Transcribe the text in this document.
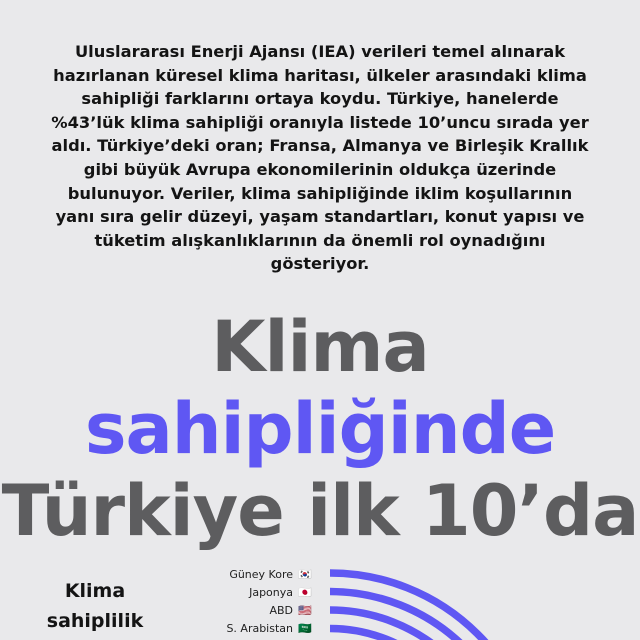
Uluslararası Enerji Ajansı (IEA) verileri temel alınarak hazırlanan küresel klima haritası, ülkeler arasındaki klima sahipliği farklarını ortaya koydu. Türkiye, hanelerde %43’lük klima sahipliği oranıyla listede 10’uncu sırada yer aldı. Türkiye’deki oran; Fransa, Almanya ve Birleşik Krallık gibi büyük Avrupa ekonomilerinin oldukça üzerinde bulunuyor. Veriler, klima sahipliğinde iklim koşullarının yanı sıra gelir düzeyi, yaşam standartları, konut yapısı ve tüketim alışkanlıklarının da önemli rol oynadığını gösteriyor.
Klima
sahipliğinde
Türkiye ilk 10’da
Klima sahiplilik
Güney Kore 🇰🇷
Japonya 🇯🇵
ABD 🇺🇸
S. Arabistan 🇸🇦
